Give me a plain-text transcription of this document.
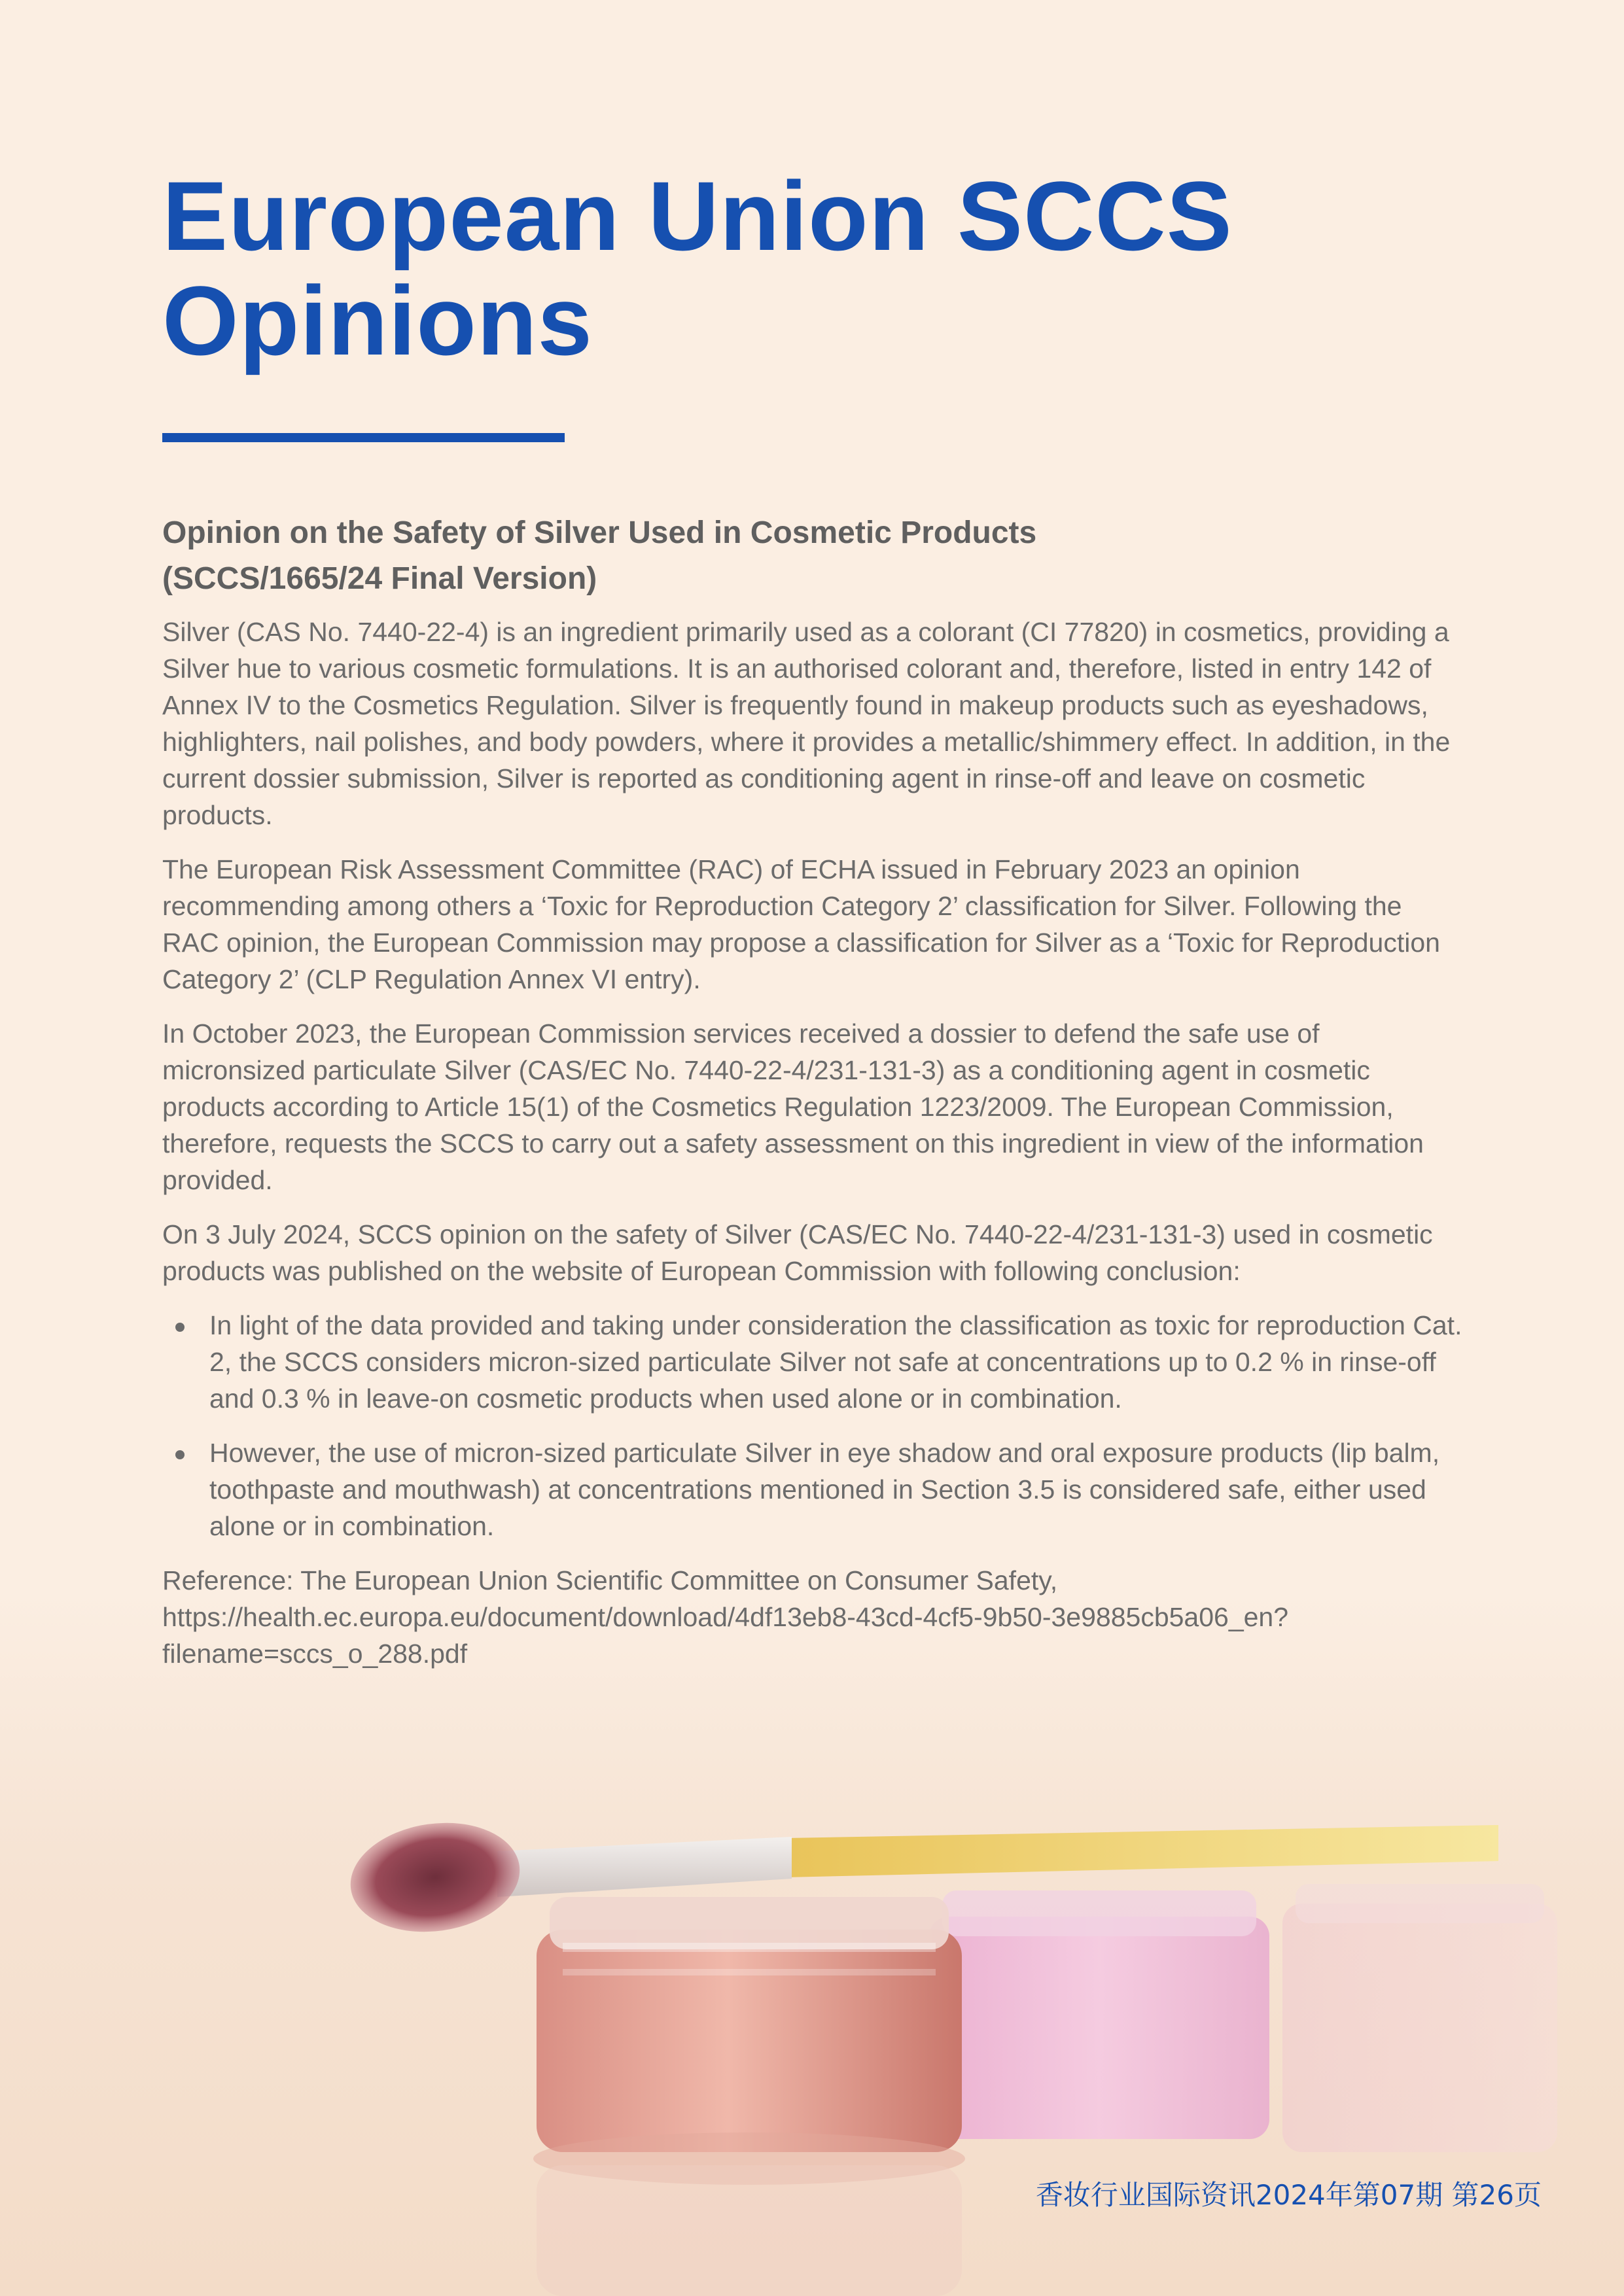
European Union SCCS
Opinions
Opinion on the Safety of Silver Used in Cosmetic Products
(SCCS/1665/24 Final Version)

Silver (CAS No. 7440-22-4) is an ingredient primarily used as a colorant (CI 77820) in cosmetics, providing a Silver hue to various cosmetic formulations. It is an authorised colorant and, therefore, listed in entry 142 of Annex IV to the Cosmetics Regulation. Silver is frequently found in makeup products such as eyeshadows, highlighters, nail polishes, and body powders, where it provides a metallic/shimmery effect. In addition, in the current dossier submission, Silver is reported as conditioning agent in rinse-off and leave on cosmetic products.

The European Risk Assessment Committee (RAC) of ECHA issued in February 2023 an opinion recommending among others a ‘Toxic for Reproduction Category 2’ classification for Silver. Following the RAC opinion, the European Commission may propose a classification for Silver as a ‘Toxic for Reproduction Category 2’ (CLP Regulation Annex VI entry).

In October 2023, the European Commission services received a dossier to defend the safe use of micronsized particulate Silver (CAS/EC No. 7440-22-4/231-131-3) as a conditioning agent in cosmetic products according to Article 15(1) of the Cosmetics Regulation 1223/2009. The European Commission, therefore, requests the SCCS to carry out a safety assessment on this ingredient in view of the information provided.

On 3 July 2024, SCCS opinion on the safety of Silver (CAS/EC No. 7440-22-4/231-131-3) used in cosmetic products was published on the website of European Commission with following conclusion:

In light of the data provided and taking under consideration the classification as toxic for reproduction Cat. 2, the SCCS considers micron-sized particulate Silver not safe at concentrations up to 0.2 % in rinse-off and 0.3 % in leave-on cosmetic products when used alone or in combination.
However, the use of micron-sized particulate Silver in eye shadow and oral exposure products (lip balm, toothpaste and mouthwash) at concentrations mentioned in Section 3.5 is considered safe, either used alone or in combination.

Reference: The European Union Scientific Committee on Consumer Safety,
https://health.ec.europa.eu/document/download/4df13eb8-43cd-4cf5-9b50-3e9885cb5a06_en?
filename=sccs_o_288.pdf

香妆行业国际资讯2024年第07期 第26页
